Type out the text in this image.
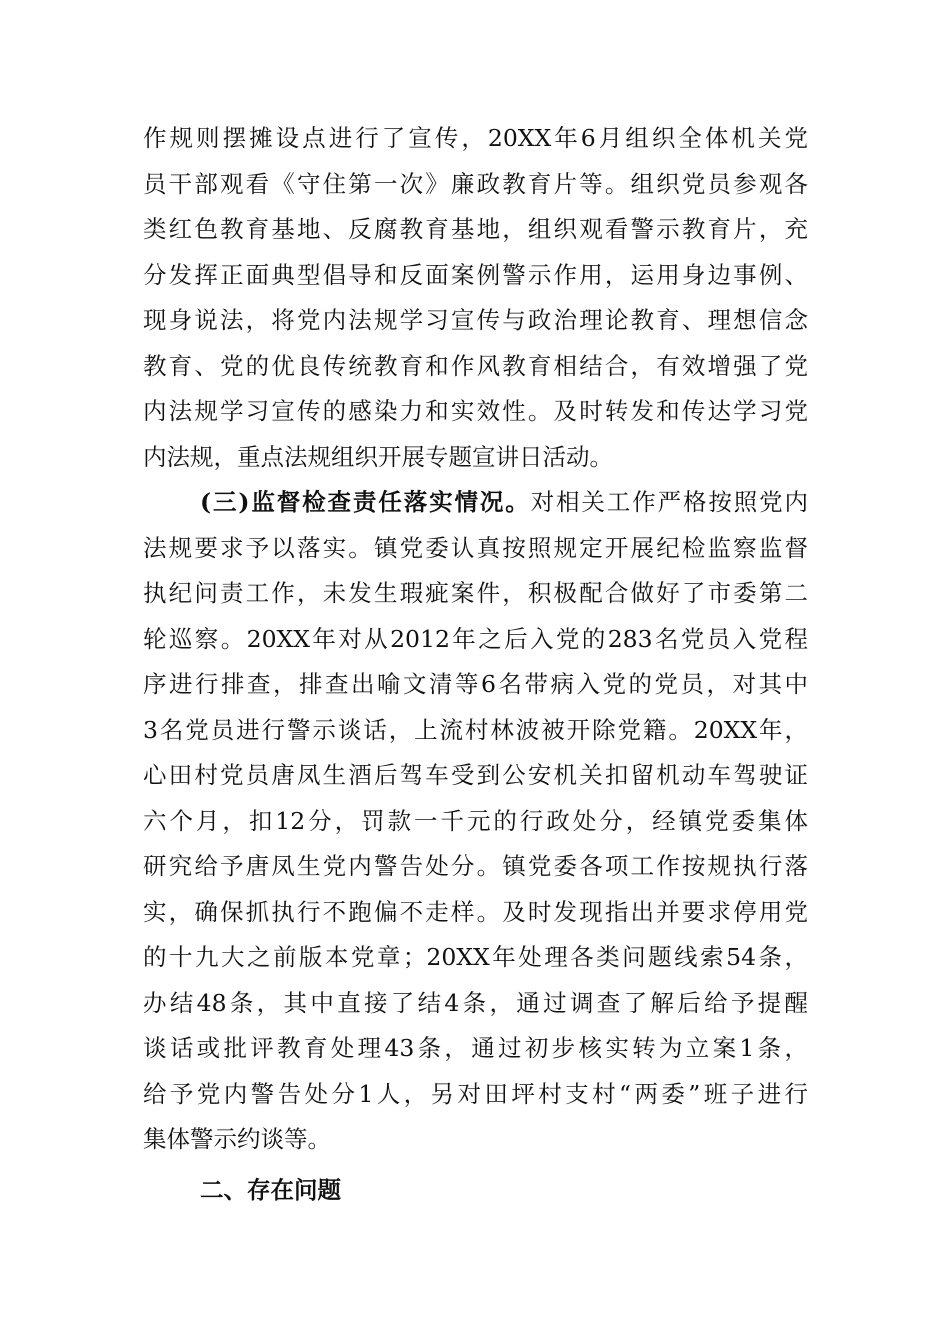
作规则摆摊设点进行了宣传，20XX年6月组织全体机关党
员干部观看《守住第一次》廉政教育片等。组织党员参观各
类红色教育基地、反腐教育基地，组织观看警示教育片，充
分发挥正面典型倡导和反面案例警示作用，运用身边事例、
现身说法，将党内法规学习宣传与政治理论教育、理想信念
教育、党的优良传统教育和作风教育相结合，有效增强了党
内法规学习宣传的感染力和实效性。及时转发和传达学习党
内法规，重点法规组织开展专题宣讲日活动。
(三)监督检查责任落实情况。对相关工作严格按照党内
法规要求予以落实。镇党委认真按照规定开展纪检监察监督
执纪问责工作，未发生瑕疵案件，积极配合做好了市委第二
轮巡察。20XX年对从2012年之后入党的283名党员入党程
序进行排查，排查出喻文清等6名带病入党的党员，对其中
3名党员进行警示谈话，上流村林波被开除党籍。20XX年，
心田村党员唐凤生酒后驾车受到公安机关扣留机动车驾驶证
六个月，扣12分，罚款一千元的行政处分，经镇党委集体
研究给予唐凤生党内警告处分。镇党委各项工作按规执行落
实，确保抓执行不跑偏不走样。及时发现指出并要求停用党
的十九大之前版本党章；20XX年处理各类问题线索54条，
办结48条，其中直接了结4条，通过调查了解后给予提醒
谈话或批评教育处理43条，通过初步核实转为立案1条，
给予党内警告处分1人，另对田坪村支村“两委”班子进行
集体警示约谈等。
二、存在问题
